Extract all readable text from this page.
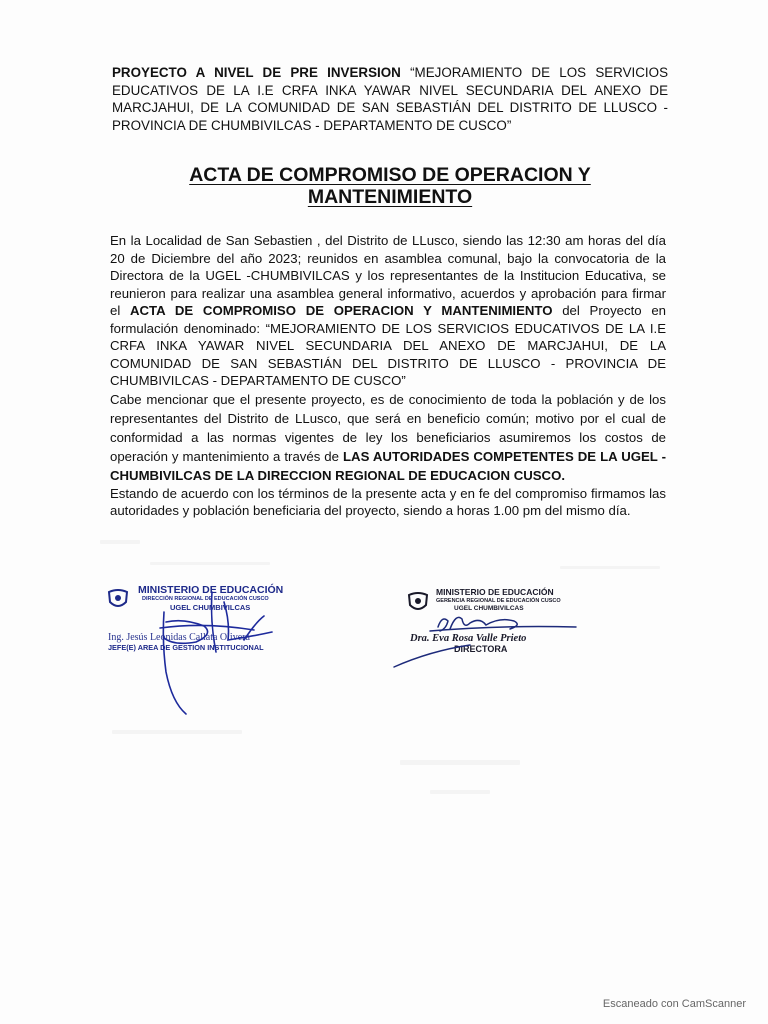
PROYECTO A NIVEL DE PRE INVERSION “MEJORAMIENTO DE LOS SERVICIOS EDUCATIVOS DE LA I.E CRFA INKA YAWAR NIVEL SECUNDARIA DEL ANEXO DE MARCJAHUI, DE LA COMUNIDAD DE SAN SEBASTIÁN DEL DISTRITO DE LLUSCO - PROVINCIA DE CHUMBIVILCAS - DEPARTAMENTO DE CUSCO”
ACTA DE COMPROMISO DE OPERACION Y
MANTENIMIENTO

En la Localidad de San Sebastien , del Distrito de LLusco, siendo las 12:30 am horas del día 20 de Diciembre del año 2023; reunidos en asamblea comunal, bajo la convocatoria de la Directora de la UGEL -CHUMBIVILCAS y los representantes de la Institucion Educativa, se reunieron para realizar una asamblea general informativo, acuerdos y aprobación para firmar el ACTA DE COMPROMISO DE OPERACION Y MANTENIMIENTO del Proyecto en formulación denominado: “MEJORAMIENTO DE LOS SERVICIOS EDUCATIVOS DE LA I.E CRFA INKA YAWAR NIVEL SECUNDARIA DEL ANEXO DE MARCJAHUI, DE LA COMUNIDAD DE SAN SEBASTIÁN DEL DISTRITO DE LLUSCO - PROVINCIA DE CHUMBIVILCAS - DEPARTAMENTO DE CUSCO”

Cabe mencionar que el presente proyecto, es de conocimiento de toda la población y de los representantes del Distrito de LLusco, que será en beneficio común; motivo por el cual de conformidad a las normas vigentes de ley los beneficiarios asumiremos los costos de operación y mantenimiento a través de LAS AUTORIDADES COMPETENTES DE LA UGEL - CHUMBIVILCAS DE LA DIRECCION REGIONAL DE EDUCACION CUSCO.

Estando de acuerdo con los términos de la presente acta y en fe del compromiso firmamos las autoridades y población beneficiaria del proyecto, siendo a horas 1.00 pm del mismo día.

MINISTERIO DE EDUCACIÓN
DIRECCIÓN REGIONAL DE EDUCACIÓN CUSCO
UGEL CHUMBIVILCAS
Ing. Jesús Leonidas Callata Olivera
JEFE(E) AREA DE GESTION INSTITUCIONAL
MINISTERIO DE EDUCACIÓN
GERENCIA REGIONAL DE EDUCACIÓN CUSCO
UGEL CHUMBIVILCAS
Dra. Eva Rosa Valle Prieto
DIRECTORA
Escaneado con CamScanner
